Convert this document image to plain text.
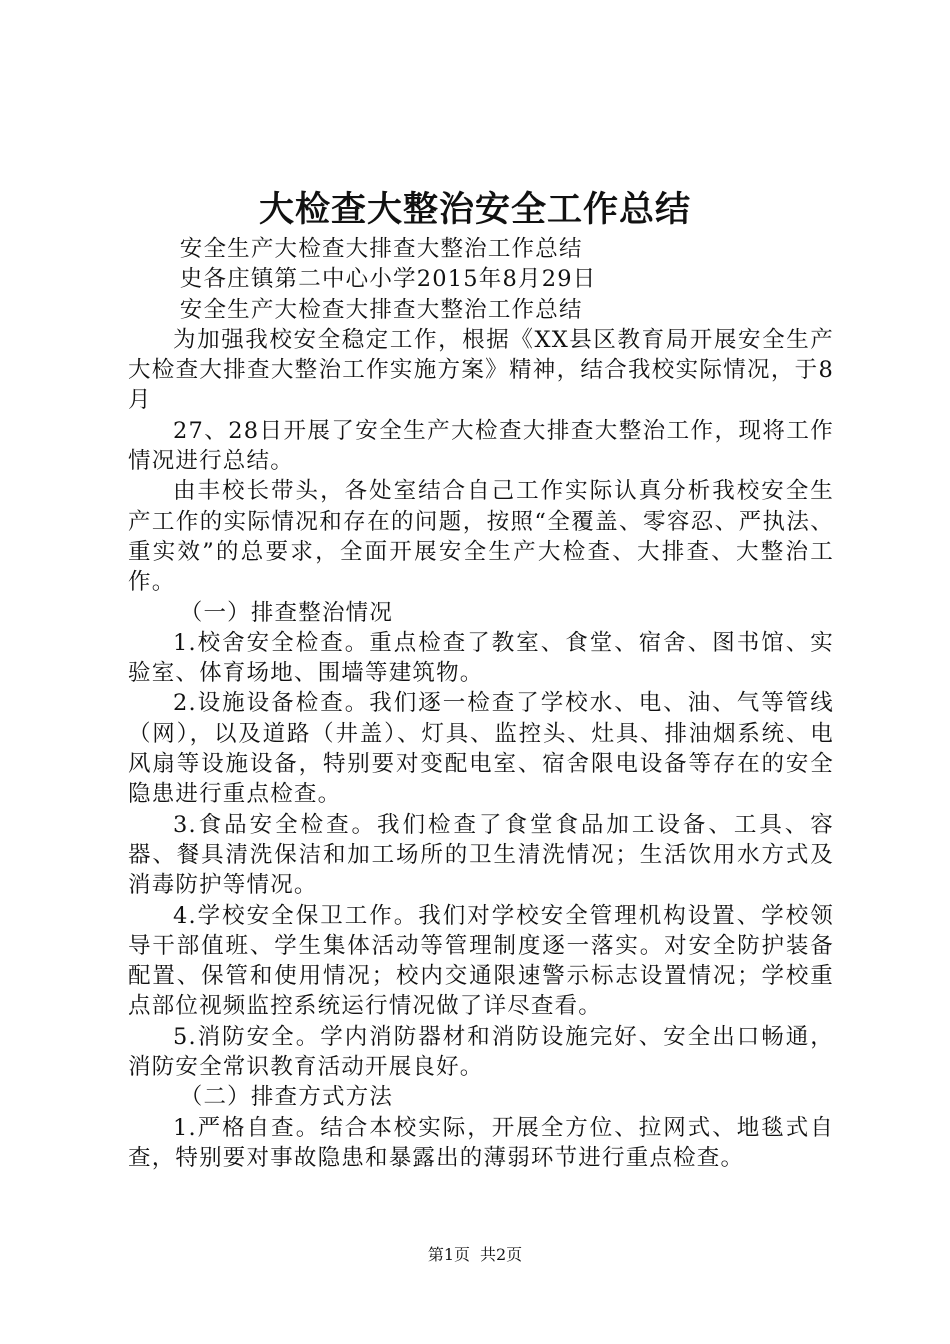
大检查大整治安全工作总结

安全生产大检查大排查大整治工作总结

史各庄镇第二中心小学2015年8月29日

安全生产大检查大排查大整治工作总结

为加强我校安全稳定工作，根据《XX县区教育局开展安全生产大检查大排查大整治工作实施方案》精神，结合我校实际情况，于8月

27、28日开展了安全生产大检查大排查大整治工作，现将工作情况进行总结。

由丰校长带头，各处室结合自己工作实际认真分析我校安全生产工作的实际情况和存在的问题，按照“全覆盖、零容忍、严执法、重实效”的总要求，全面开展安全生产大检查、大排查、大整治工作。

（一）排查整治情况

1.校舍安全检查。重点检查了教室、食堂、宿舍、图书馆、实验室、体育场地、围墙等建筑物。

2.设施设备检查。我们逐一检查了学校水、电、油、气等管线（网），以及道路（井盖）、灯具、监控头、灶具、排油烟系统、电风扇等设施设备，特别要对变配电室、宿舍限电设备等存在的安全隐患进行重点检查。

3.食品安全检查。我们检查了食堂食品加工设备、工具、容器、餐具清洗保洁和加工场所的卫生清洗情况；生活饮用水方式及消毒防护等情况。

4.学校安全保卫工作。我们对学校安全管理机构设置、学校领导干部值班、学生集体活动等管理制度逐一落实。对安全防护装备配置、保管和使用情况；校内交通限速警示标志设置情况；学校重点部位视频监控系统运行情况做了详尽查看。

5.消防安全。学内消防器材和消防设施完好、安全出口畅通，消防安全常识教育活动开展良好。

（二）排查方式方法

1.严格自查。结合本校实际，开展全方位、拉网式、地毯式自查，特别要对事故隐患和暴露出的薄弱环节进行重点检查。

第1页 共2页
